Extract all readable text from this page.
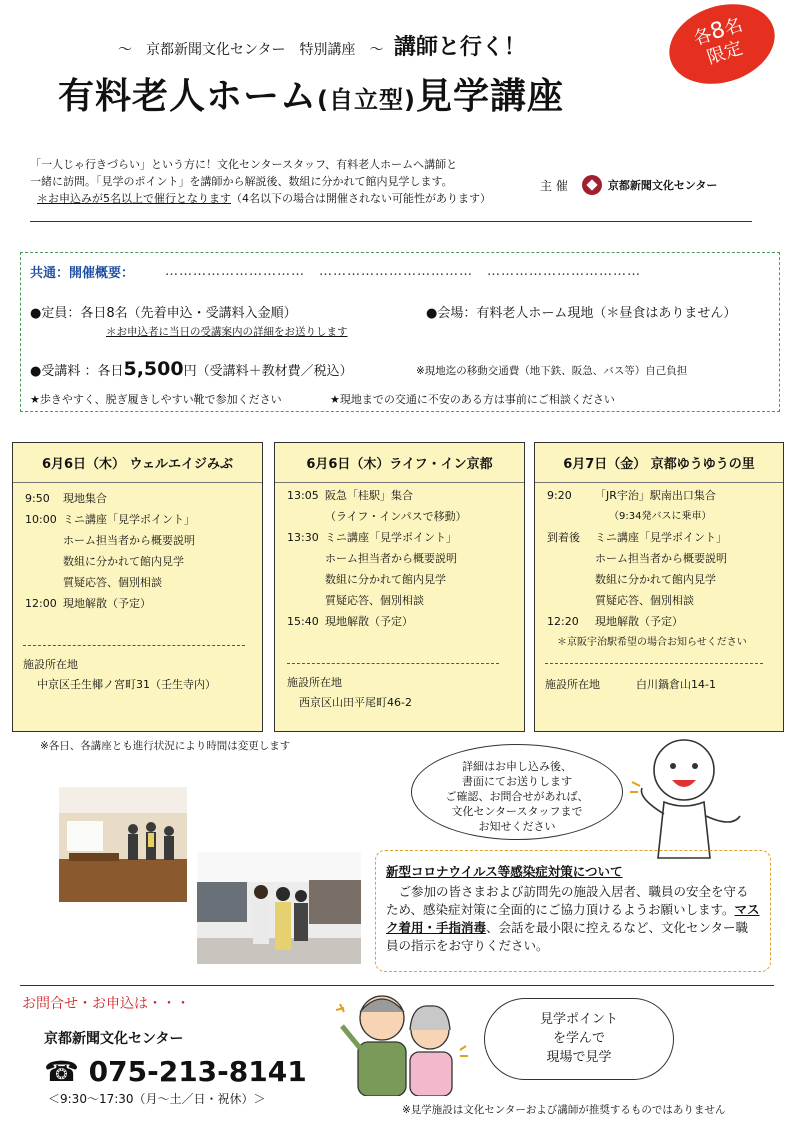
～　京都新聞文化センター　特別講座　～ 講師と行く！	各8名
限定
有料老人ホーム(自立型)見学講座
「一人じゃ行きづらい」という方に！文化センタースタッフ、有料老人ホームへ講師と
一緒に訪問。「見学のポイント」を講師から解説後、数組に分かれて館内見学します。
＊お申込みが5名以上で催行となります（4名以下の場合は開催されない可能性があります）
主 催	京都新聞文化センター
共通：開催概要： …………………………　……………………………　……………………………
●定員：各日8名（先着申込・受講料入金順）
＊お申込者に当日の受講案内の詳細をお送りします
●会場：有料老人ホーム現地（＊昼食はありません）
●受講料 ：各日5,500円（受講料＋教材費／税込）	※現地迄の移動交通費（地下鉄、阪急、バス等）自己負担
★歩きやすく、脱ぎ履きしやすい靴で参加ください	★現地までの交通に不安のある方は事前にご相談ください
6月6日（木） ウェルエイジみぶ
9:50 現地集合
10:00 ミニ講座「見学ポイント」
ホーム担当者から概要説明
数組に分かれて館内見学
質疑応答、個別相談
12:00 現地解散（予定）
施設所在地
中京区壬生椰ノ宮町31（壬生寺内）
6月6日（木）ライフ・イン京都
13:05 阪急「桂駅」集合
（ライフ・インパスで移動）
13:30 ミニ講座「見学ポイント」
ホーム担当者から概要説明
数組に分かれて館内見学
質疑応答、個別相談
15:40 現地解散（予定）
施設所在地
西京区山田平尾町46-2
6月7日（金） 京都ゆうゆうの里
9:20 「JR宇治」駅南出口集合
（9:34発バスに乗車）
到着後 ミニ講座「見学ポイント」
ホーム担当者から概要説明
数組に分かれて館内見学
質疑応答、個別相談
12:20 現地解散（予定）
＊京阪宇治駅希望の場合お知らせください
施設所在地	白川鍋倉山14-1
※各日、各講座とも進行状況により時間は変更します
詳細はお申し込み後、
書面にてお送りします
ご確認、お問合せがあれば、
文化センタースタッフまで
お知せください
新型コロナウイルス等感染症対策について
　ご参加の皆さまおよび訪問先の施設入居者、職員の安全を守るため、感染症対策に全面的にご協力頂けるようお願いします。マスク着用・手指消毒、会話を最小限に控えるなど、文化センター職員の指示をお守りください。
お問合せ・お申込は・・・
京都新聞文化センター
☎ 075-213-8141
＜9:30～17:30（月～土／日・祝休）＞
見学ポイント
を学んで
現場で見学
※見学施設は文化センターおよび講師が推奨するものではありません
